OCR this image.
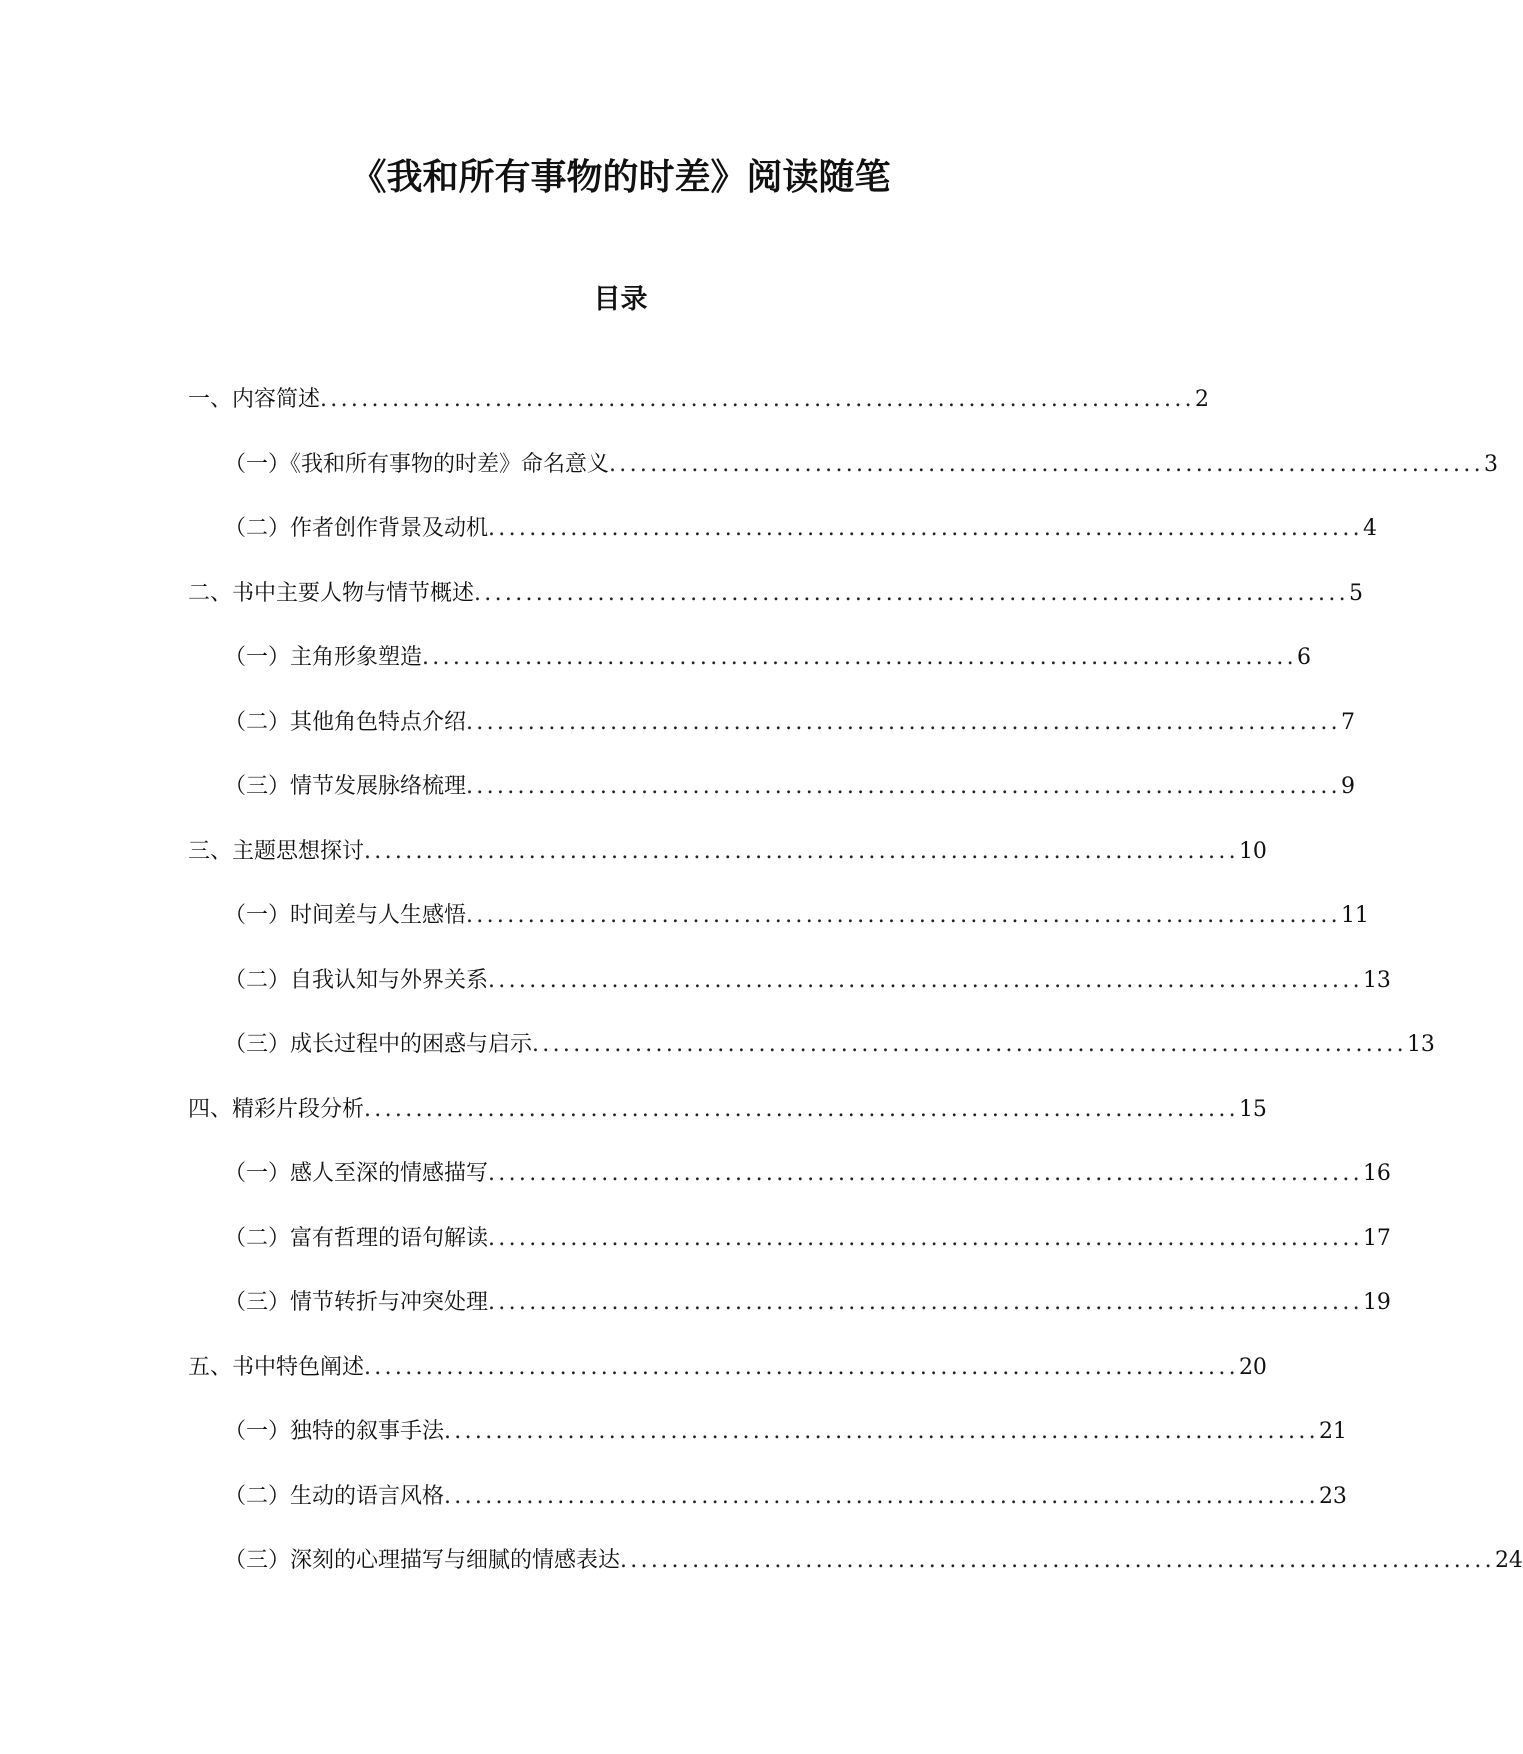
《我和所有事物的时差》阅读随笔
目录
一、内容简述 ..................................................................................... 2
（一）《我和所有事物的时差》命名意义 ..................................................................................... 3
（二）作者创作背景及动机 ..................................................................................... 4
二、书中主要人物与情节概述 ..................................................................................... 5
（一）主角形象塑造 ..................................................................................... 6
（二）其他角色特点介绍 ..................................................................................... 7
（三）情节发展脉络梳理 ..................................................................................... 9
三、主题思想探讨 ..................................................................................... 10
（一）时间差与人生感悟 ..................................................................................... 11
（二）自我认知与外界关系 ..................................................................................... 13
（三）成长过程中的困惑与启示 ..................................................................................... 13
四、精彩片段分析 ..................................................................................... 15
（一）感人至深的情感描写 ..................................................................................... 16
（二）富有哲理的语句解读 ..................................................................................... 17
（三）情节转折与冲突处理 ..................................................................................... 19
五、书中特色阐述 ..................................................................................... 20
（一）独特的叙事手法 ..................................................................................... 21
（二）生动的语言风格 ..................................................................................... 23
（三）深刻的心理描写与细腻的情感表达 ..................................................................................... 24
